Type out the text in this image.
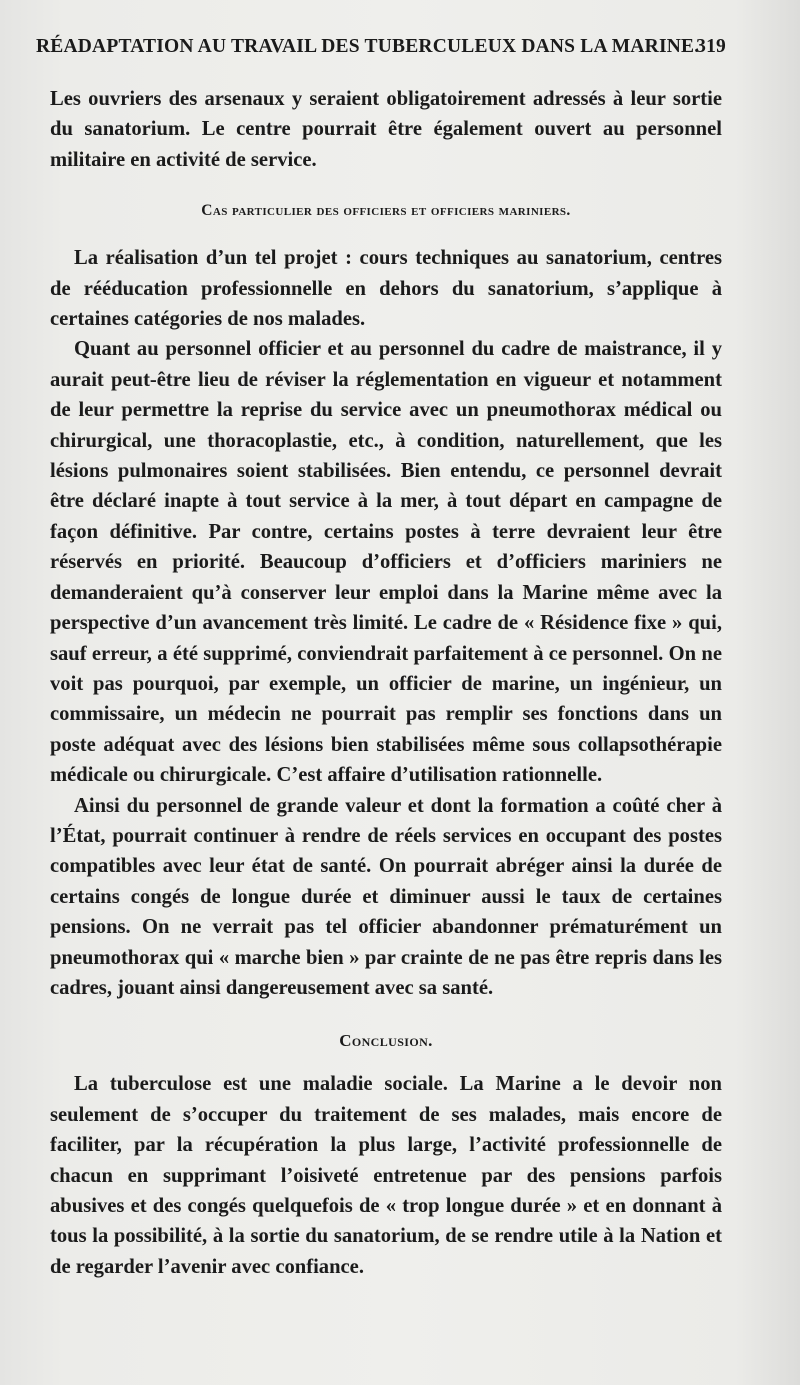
RÉADAPTATION AU TRAVAIL DES TUBERCULEUX DANS LA MARINE.
319

Les ouvriers des arsenaux y seraient obligatoirement adressés à leur sortie du sanatorium. Le centre pourrait être également ouvert au personnel militaire en activité de service.

Cas particulier des officiers et officiers mariniers.

La réalisation d’un tel projet : cours techniques au sanatorium, centres de rééducation professionnelle en dehors du sanatorium, s’applique à certaines catégories de nos malades.

Quant au personnel officier et au personnel du cadre de maistrance, il y aurait peut-être lieu de réviser la réglementation en vigueur et notamment de leur permettre la reprise du service avec un pneumothorax médical ou chirurgical, une thoracoplastie, etc., à condition, naturellement, que les lésions pulmonaires soient stabilisées. Bien entendu, ce personnel devrait être déclaré inapte à tout service à la mer, à tout départ en campagne de façon définitive. Par contre, certains postes à terre devraient leur être réservés en priorité. Beaucoup d’officiers et d’officiers mariniers ne demanderaient qu’à conserver leur emploi dans la Marine même avec la perspective d’un avancement très limité. Le cadre de « Résidence fixe » qui, sauf erreur, a été supprimé, conviendrait parfaitement à ce personnel. On ne voit pas pourquoi, par exemple, un officier de marine, un ingénieur, un commissaire, un médecin ne pourrait pas remplir ses fonctions dans un poste adéquat avec des lésions bien stabilisées même sous collapsothérapie médicale ou chirurgicale. C’est affaire d’utilisation rationnelle.

Ainsi du personnel de grande valeur et dont la formation a coûté cher à l’État, pourrait continuer à rendre de réels services en occupant des postes compatibles avec leur état de santé. On pourrait abréger ainsi la durée de certains congés de longue durée et diminuer aussi le taux de certaines pensions. On ne verrait pas tel officier abandonner prématurément un pneumothorax qui « marche bien » par crainte de ne pas être repris dans les cadres, jouant ainsi dangereusement avec sa santé.

Conclusion.

La tuberculose est une maladie sociale. La Marine a le devoir non seulement de s’occuper du traitement de ses malades, mais encore de faciliter, par la récupération la plus large, l’activité professionnelle de chacun en supprimant l’oisiveté entretenue par des pensions parfois abusives et des congés quelquefois de « trop longue durée » et en donnant à tous la possibilité, à la sortie du sanatorium, de se rendre utile à la Nation et de regarder l’avenir avec confiance.
